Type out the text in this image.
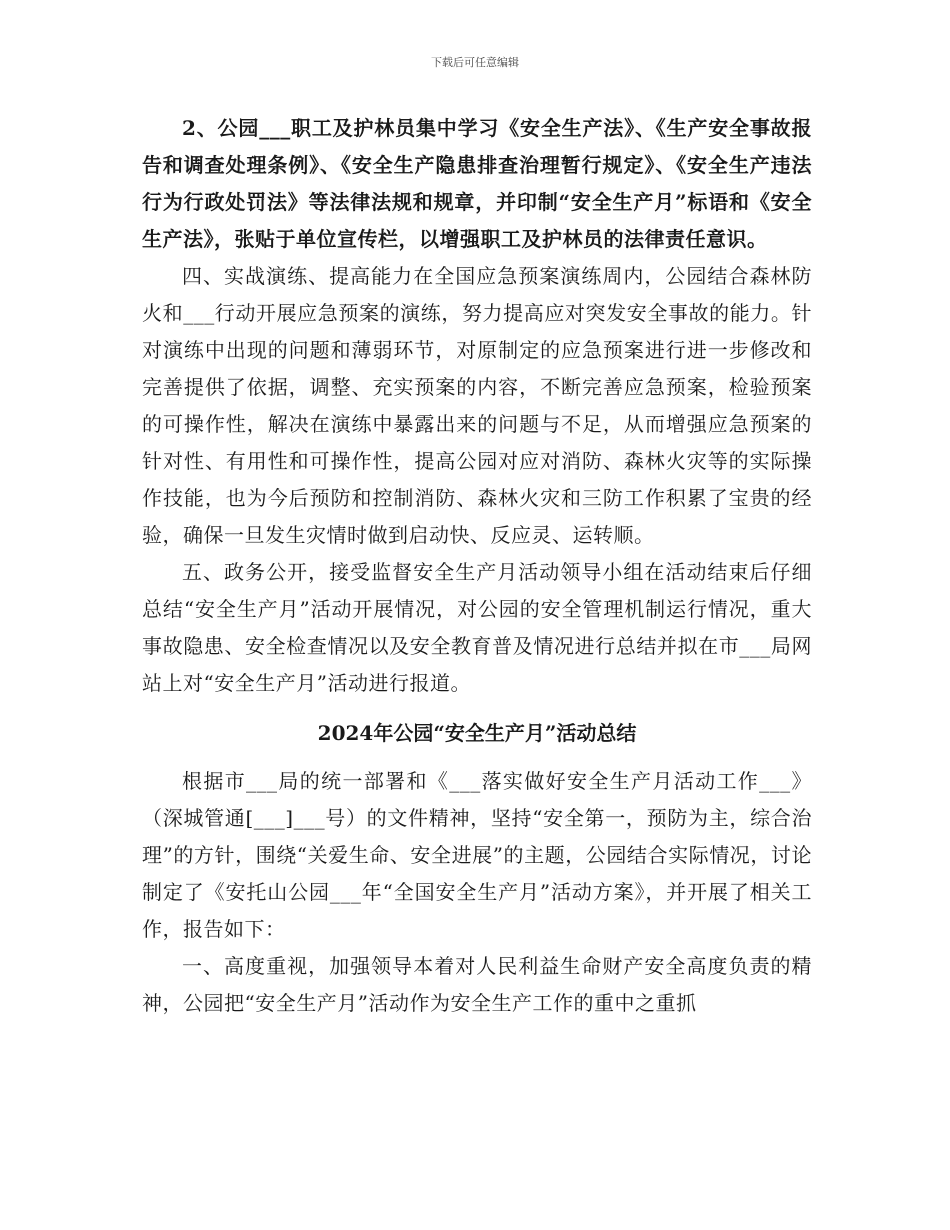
下载后可任意编辑

2、公园___职工及护林员集中学习《安全生产法》、《生产安全事故报告和调查处理条例》、《安全生产隐患排查治理暂行规定》、《安全生产违法行为行政处罚法》等法律法规和规章，并印制“安全生产月”标语和《安全生产法》，张贴于单位宣传栏，以增强职工及护林员的法律责任意识。

四、实战演练、提高能力在全国应急预案演练周内，公园结合森林防火和___行动开展应急预案的演练，努力提高应对突发安全事故的能力。针对演练中出现的问题和薄弱环节，对原制定的应急预案进行进一步修改和完善提供了依据，调整、充实预案的内容，不断完善应急预案，检验预案的可操作性，解决在演练中暴露出来的问题与不足，从而增强应急预案的针对性、有用性和可操作性，提高公园对应对消防、森林火灾等的实际操作技能，也为今后预防和控制消防、森林火灾和三防工作积累了宝贵的经验，确保一旦发生灾情时做到启动快、反应灵、运转顺。

五、政务公开，接受监督安全生产月活动领导小组在活动结束后仔细总结“安全生产月”活动开展情况，对公园的安全管理机制运行情况，重大事故隐患、安全检查情况以及安全教育普及情况进行总结并拟在市___局网站上对“安全生产月”活动进行报道。

2024年公园“安全生产月”活动总结

根据市___局的统一部署和《___落实做好安全生产月活动工作___》（深城管通[___]___号）的文件精神，坚持“安全第一，预防为主，综合治理”的方针，围绕“关爱生命、安全进展”的主题，公园结合实际情况，讨论制定了《安托山公园___年“全国安全生产月”活动方案》，并开展了相关工作，报告如下：

一、高度重视，加强领导本着对人民利益生命财产安全高度负责的精神，公园把“安全生产月”活动作为安全生产工作的重中之重抓
